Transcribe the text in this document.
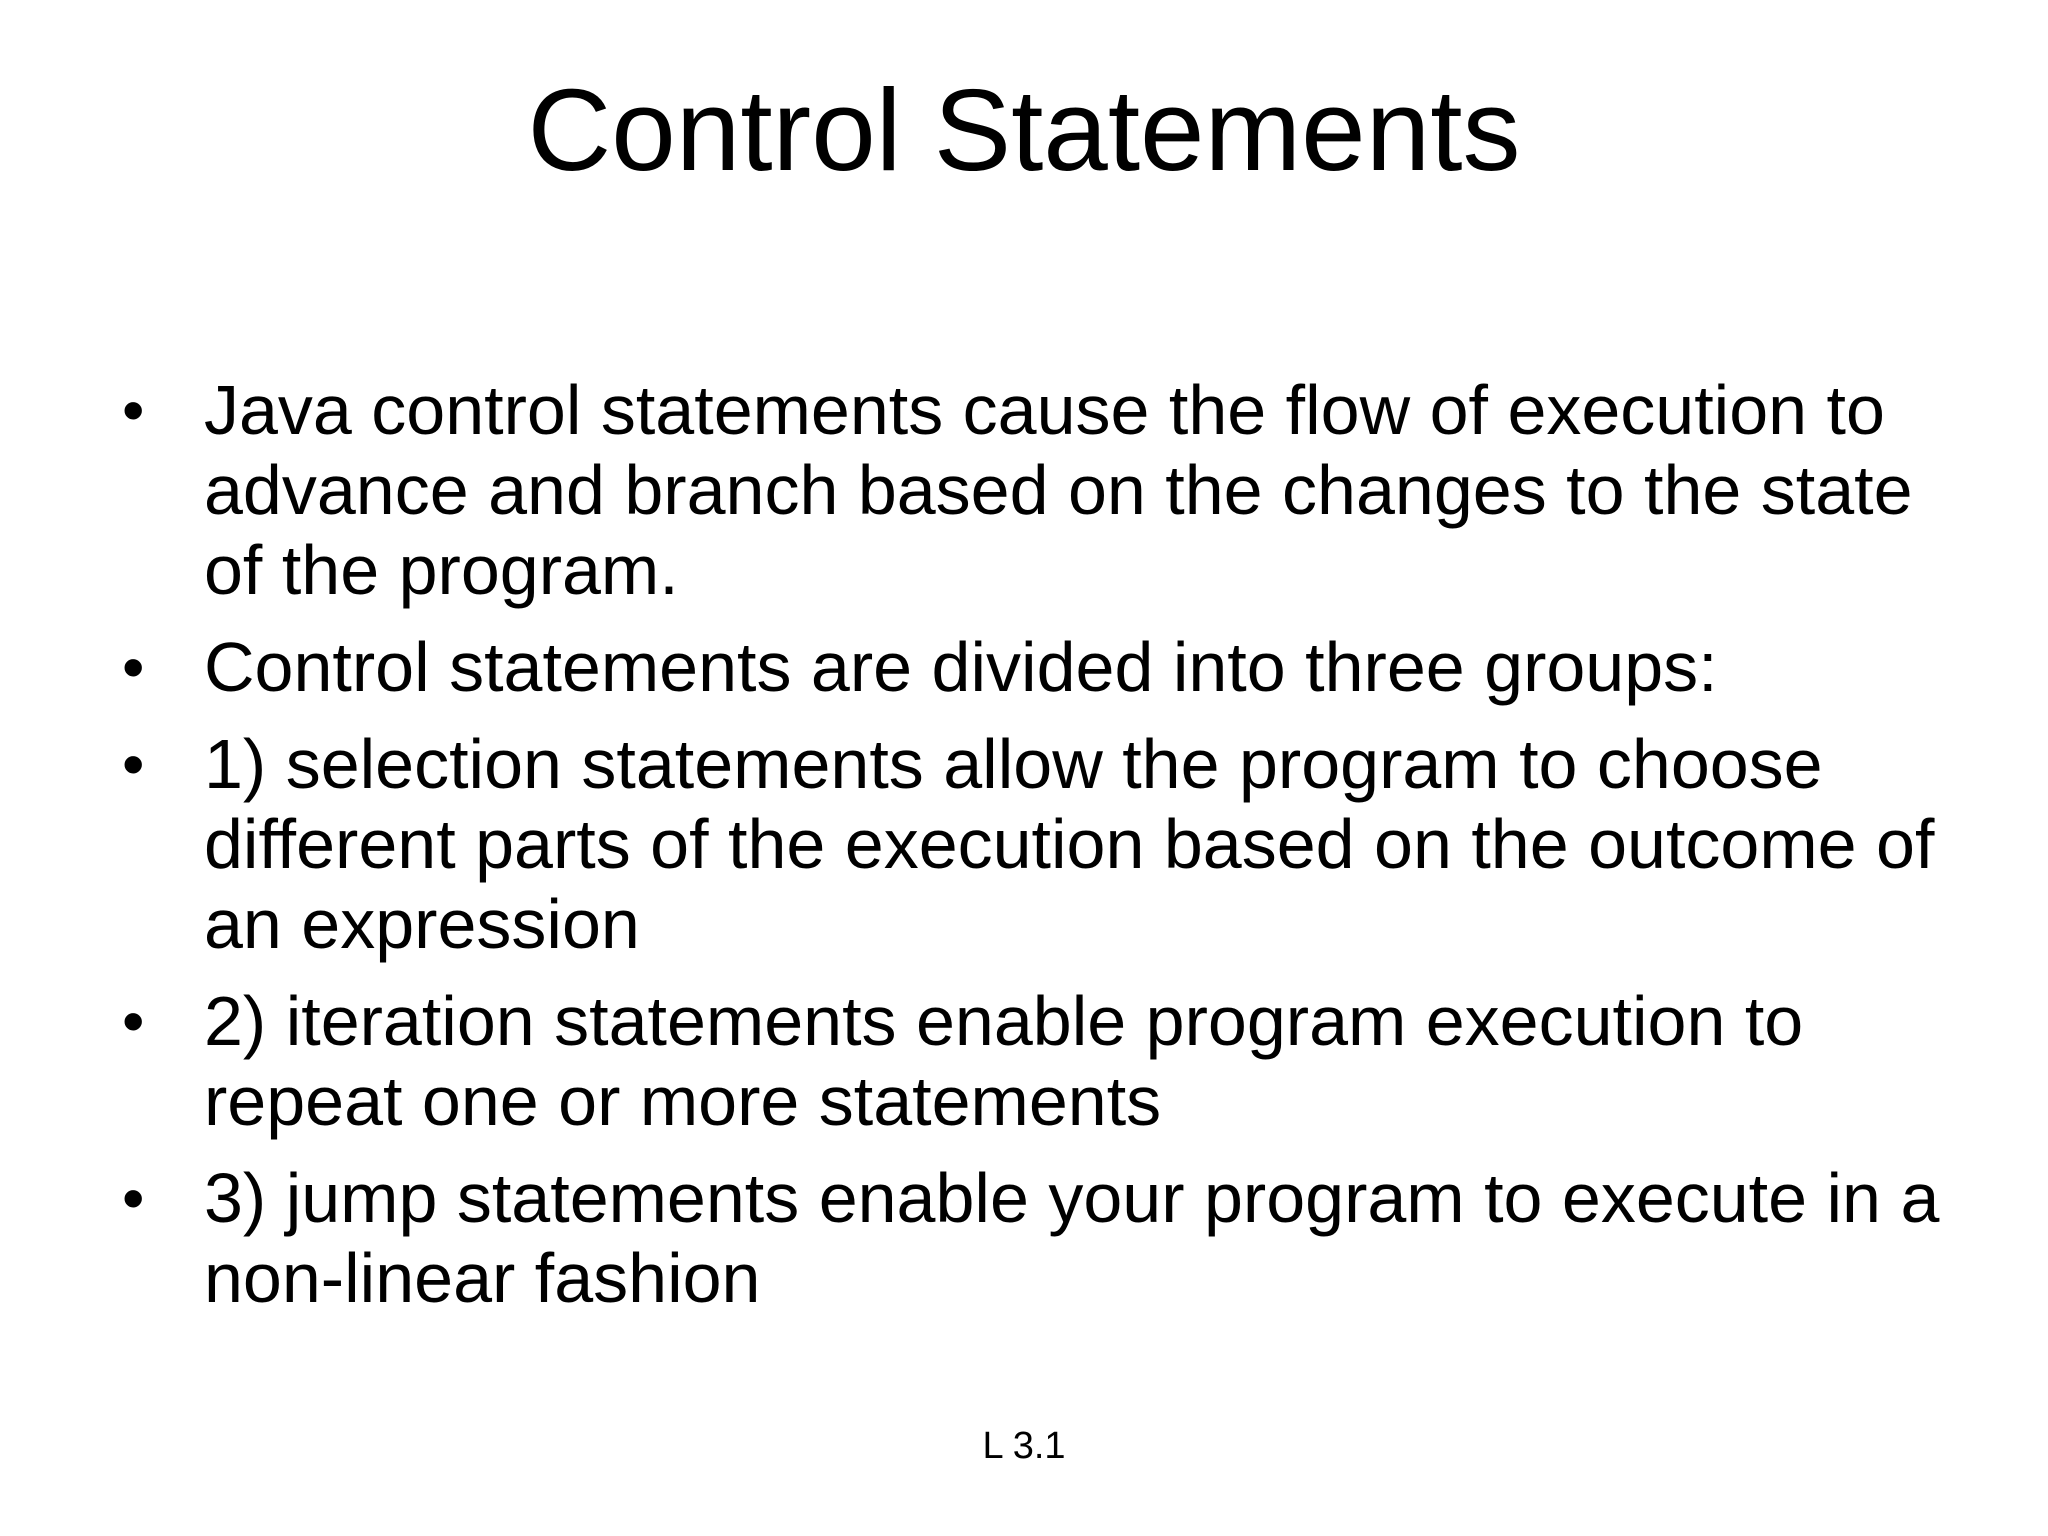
Control Statements
• Java control statements cause the flow of execution to advance and branch based on the changes to the state of the program.
• Control statements are divided into three groups:
• 1) selection statements allow the program to choose different parts of the execution based on the outcome of an expression
• 2) iteration statements enable program execution to repeat one or more statements
• 3) jump statements enable your program to execute in a non-linear fashion
L 3.1
